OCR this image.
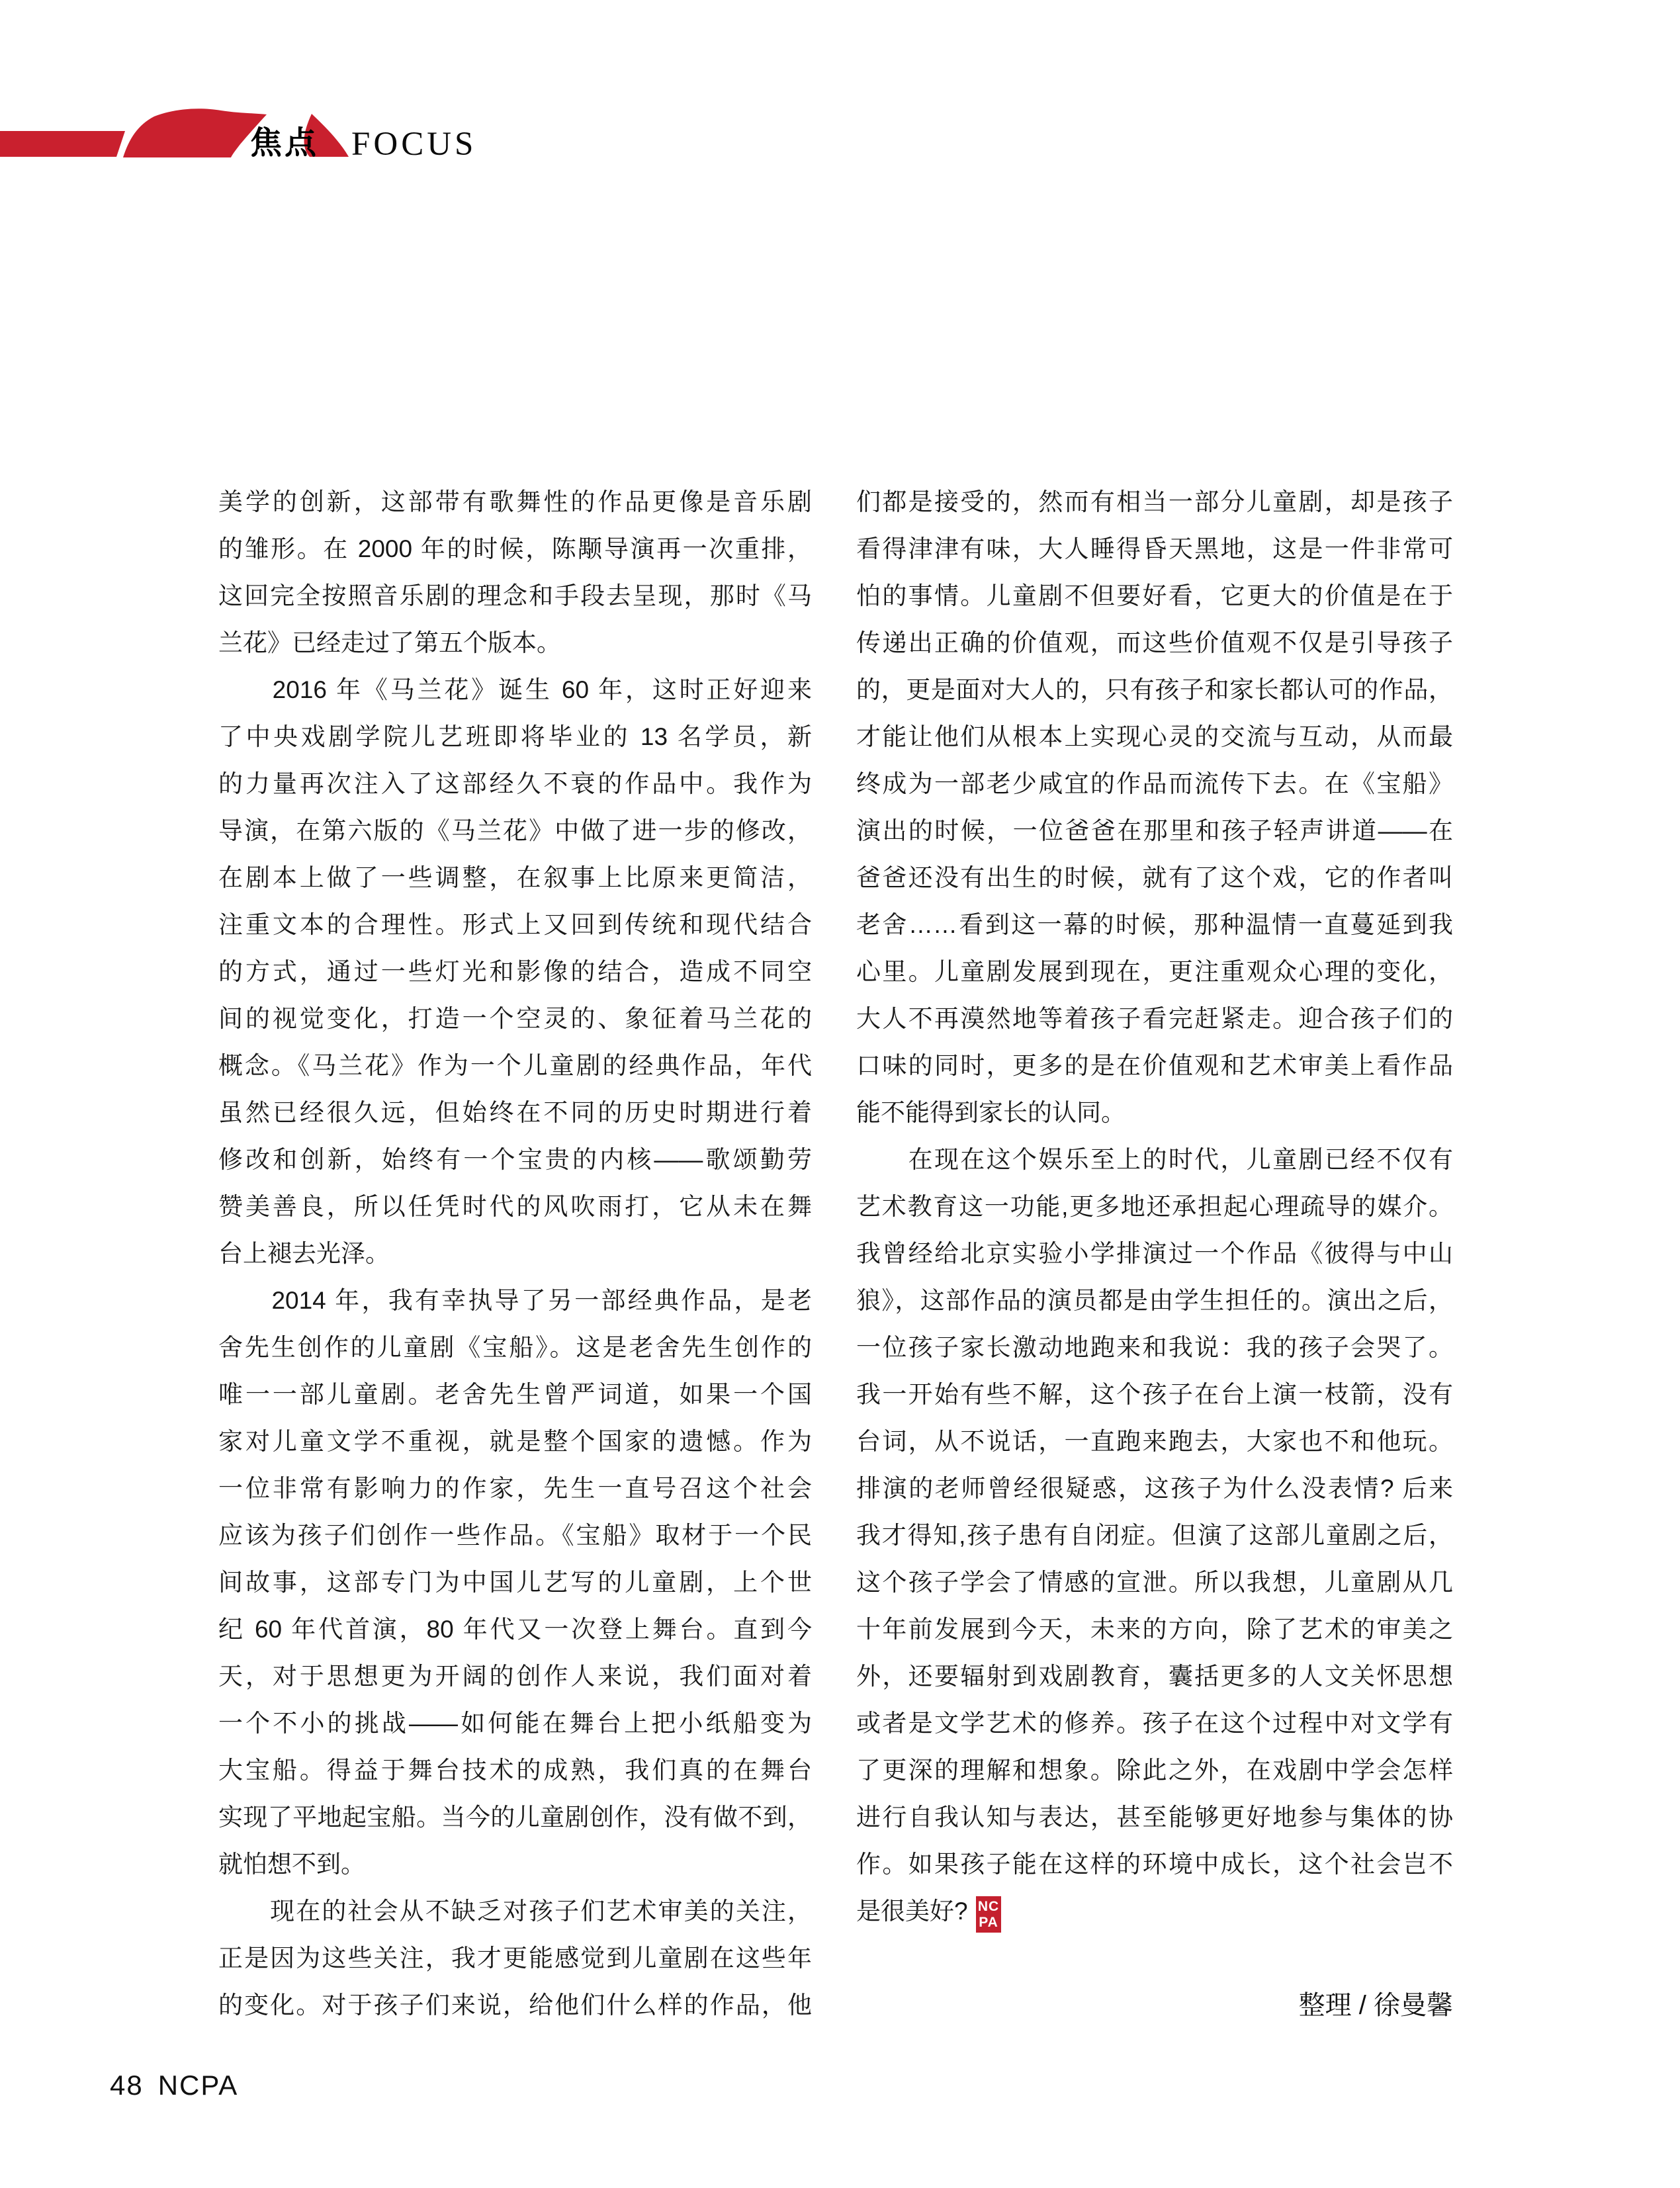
焦点 FOCUS
美学的创新，这部带有歌舞性的作品更像是音乐剧
的雏形。在 2000 年的时候，陈颙导演再一次重排，
这回完全按照音乐剧的理念和手段去呈现，那时《马
兰花》已经走过了第五个版本。
　　2016 年《马兰花》诞生 60 年，这时正好迎来
了中央戏剧学院儿艺班即将毕业的 13 名学员，新
的力量再次注入了这部经久不衰的作品中。我作为
导演，在第六版的《马兰花》中做了进一步的修改，
在剧本上做了一些调整，在叙事上比原来更简洁，
注重文本的合理性。形式上又回到传统和现代结合
的方式，通过一些灯光和影像的结合，造成不同空
间的视觉变化，打造一个空灵的、象征着马兰花的
概念。《马兰花》作为一个儿童剧的经典作品，年代
虽然已经很久远，但始终在不同的历史时期进行着
修改和创新，始终有一个宝贵的内核——歌颂勤劳
赞美善良，所以任凭时代的风吹雨打，它从未在舞
台上褪去光泽。
　　2014 年，我有幸执导了另一部经典作品，是老
舍先生创作的儿童剧《宝船》。这是老舍先生创作的
唯一一部儿童剧。老舍先生曾严词道，如果一个国
家对儿童文学不重视，就是整个国家的遗憾。作为
一位非常有影响力的作家，先生一直号召这个社会
应该为孩子们创作一些作品。《宝船》取材于一个民
间故事，这部专门为中国儿艺写的儿童剧，上个世
纪 60 年代首演，80 年代又一次登上舞台。直到今
天，对于思想更为开阔的创作人来说，我们面对着
一个不小的挑战——如何能在舞台上把小纸船变为
大宝船。得益于舞台技术的成熟，我们真的在舞台
实现了平地起宝船。当今的儿童剧创作，没有做不到，
就怕想不到。
　　现在的社会从不缺乏对孩子们艺术审美的关注，
正是因为这些关注，我才更能感觉到儿童剧在这些年
的变化。对于孩子们来说，给他们什么样的作品，他
们都是接受的，然而有相当一部分儿童剧，却是孩子
看得津津有味，大人睡得昏天黑地，这是一件非常可
怕的事情。儿童剧不但要好看，它更大的价值是在于
传递出正确的价值观，而这些价值观不仅是引导孩子
的，更是面对大人的，只有孩子和家长都认可的作品，
才能让他们从根本上实现心灵的交流与互动，从而最
终成为一部老少咸宜的作品而流传下去。在《宝船》
演出的时候，一位爸爸在那里和孩子轻声讲道——在
爸爸还没有出生的时候，就有了这个戏，它的作者叫
老舍……看到这一幕的时候，那种温情一直蔓延到我
心里。儿童剧发展到现在，更注重观众心理的变化，
大人不再漠然地等着孩子看完赶紧走。迎合孩子们的
口味的同时，更多的是在价值观和艺术审美上看作品
能不能得到家长的认同。
　　在现在这个娱乐至上的时代，儿童剧已经不仅有
艺术教育这一功能,更多地还承担起心理疏导的媒介。
我曾经给北京实验小学排演过一个作品《彼得与中山
狼》，这部作品的演员都是由学生担任的。演出之后，
一位孩子家长激动地跑来和我说：我的孩子会哭了。
我一开始有些不解，这个孩子在台上演一枝箭，没有
台词，从不说话，一直跑来跑去，大家也不和他玩。
排演的老师曾经很疑惑，这孩子为什么没表情? 后来
我才得知,孩子患有自闭症。但演了这部儿童剧之后，
这个孩子学会了情感的宣泄。所以我想，儿童剧从几
十年前发展到今天，未来的方向，除了艺术的审美之
外，还要辐射到戏剧教育，囊括更多的人文关怀思想
或者是文学艺术的修养。孩子在这个过程中对文学有
了更深的理解和想象。除此之外，在戏剧中学会怎样
进行自我认知与表达，甚至能够更好地参与集体的协
作。如果孩子能在这样的环境中成长，这个社会岂不
是很美好? NC
PA
整理 / 徐曼馨
48 NCPA
